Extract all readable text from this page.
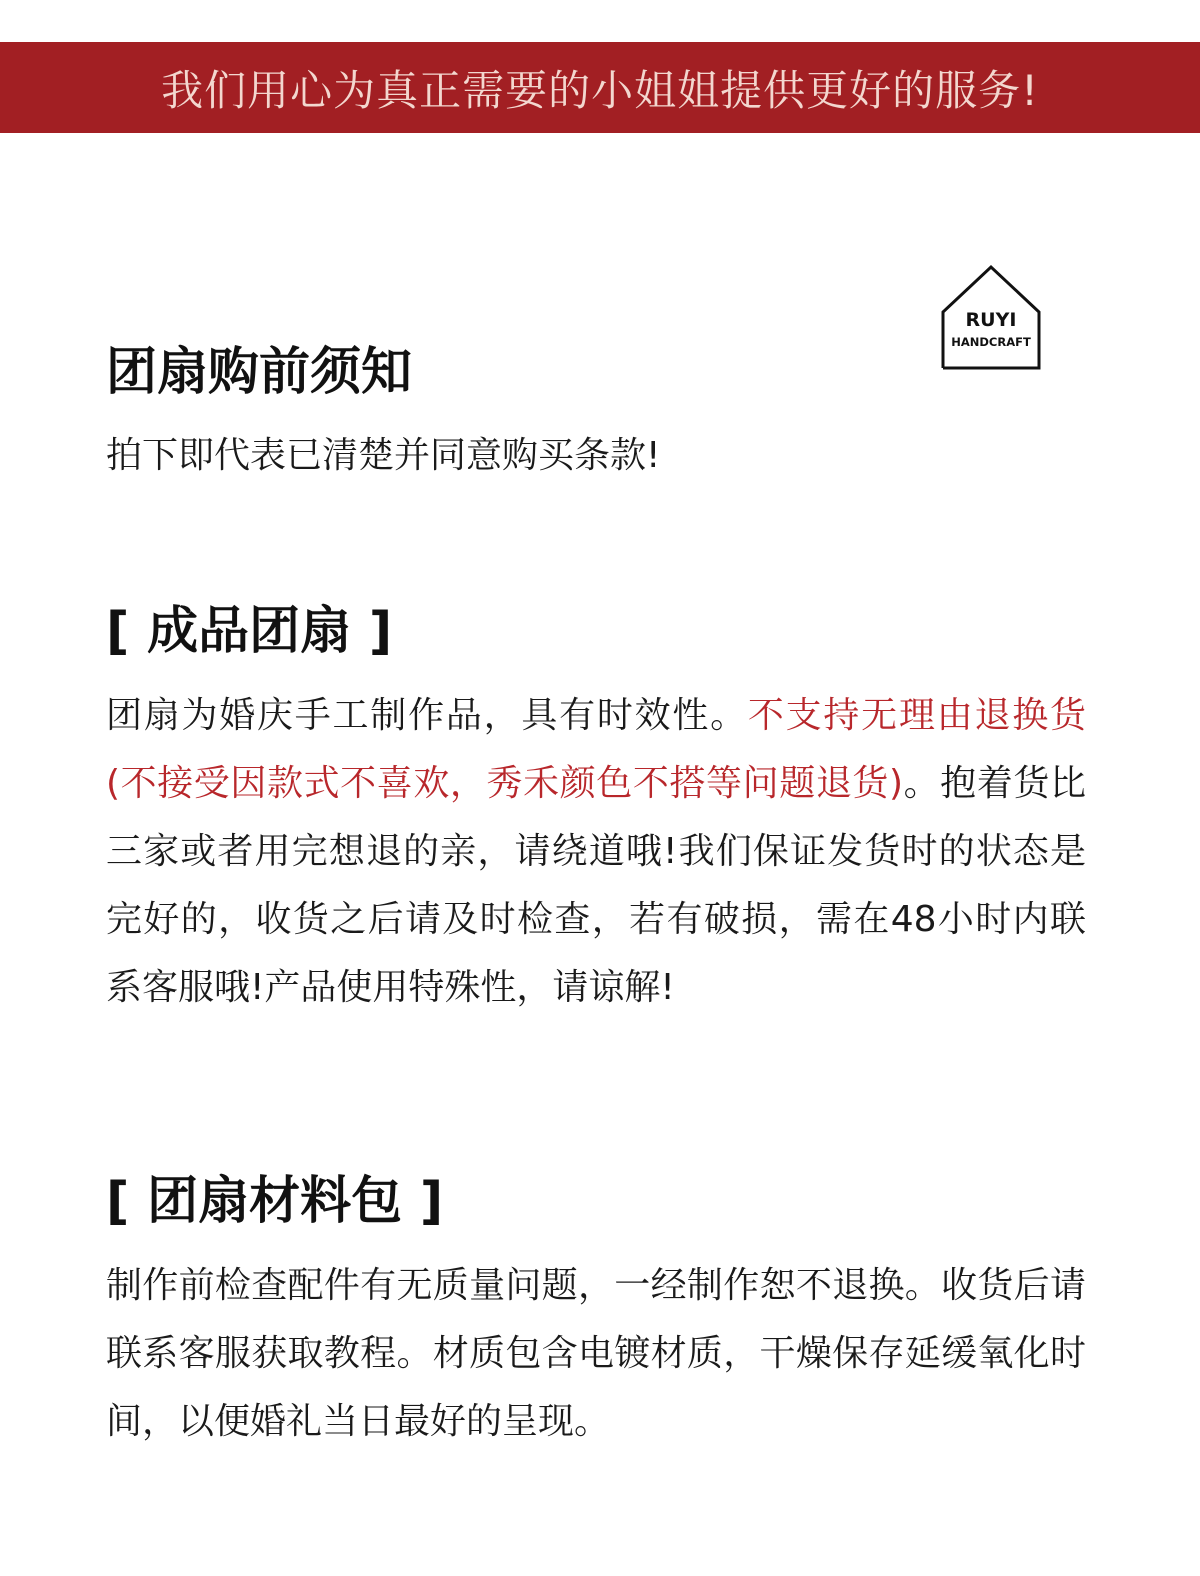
我们用心为真正需要的小姐姐提供更好的服务!
RUYI
HANDCRAFT
团扇购前须知
拍下即代表已清楚并同意购买条款!
[ 成品团扇 ]

团扇为婚庆手工制作品，具有时效性。不支持无理由退换货(不接受因款式不喜欢，秀禾颜色不搭等问题退货)。抱着货比三家或者用完想退的亲，请绕道哦!我们保证发货时的状态是完好的，收货之后请及时检查，若有破损，需在48小时内联系客服哦!产品使用特殊性，请谅解!

[ 团扇材料包 ]

制作前检查配件有无质量问题，一经制作恕不退换。收货后请联系客服获取教程。材质包含电镀材质，干燥保存延缓氧化时间，以便婚礼当日最好的呈现。
